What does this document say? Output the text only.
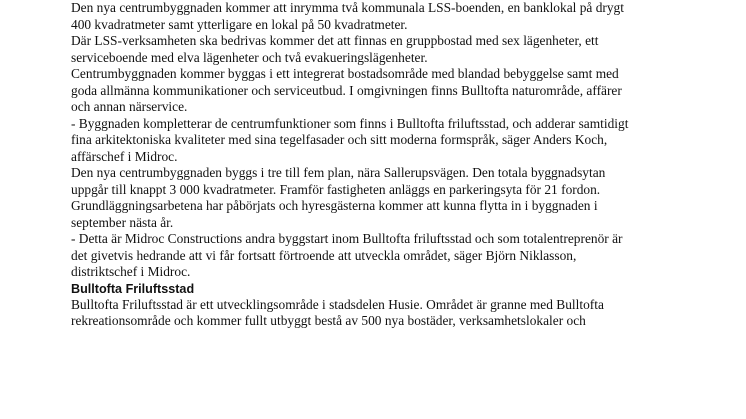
Den nya centrumbyggnaden kommer att inrymma två kommunala LSS-boenden, en banklokal på drygt
400 kvadratmeter samt ytterligare en lokal på 50 kvadratmeter.

Där LSS-verksamheten ska bedrivas kommer det att finnas en gruppbostad med sex lägenheter, ett
serviceboende med elva lägenheter och två evakueringslägenheter.

Centrumbyggnaden kommer byggas i ett integrerat bostadsområde med blandad bebyggelse samt med
goda allmänna kommunikationer och serviceutbud. I omgivningen finns Bulltofta naturområde, affärer
och annan närservice.

- Byggnaden kompletterar de centrumfunktioner som finns i Bulltofta friluftsstad, och adderar samtidigt
fina arkitektoniska kvaliteter med sina tegelfasader och sitt moderna formspråk, säger Anders Koch,
affärschef i Midroc.

Den nya centrumbyggnaden byggs i tre till fem plan, nära Sallerupsvägen. Den totala byggnadsytan
uppgår till knappt 3 000 kvadratmeter. Framför fastigheten anläggs en parkeringsyta för 21 fordon.
Grundläggningsarbetena har påbörjats och hyresgästerna kommer att kunna flytta in i byggnaden i
september nästa år.

- Detta är Midroc Constructions andra byggstart inom Bulltofta friluftsstad och som totalentreprenör är
det givetvis hedrande att vi får fortsatt förtroende att utveckla området, säger Björn Niklasson,
distriktschef i Midroc.

Bulltofta Friluftsstad

Bulltofta Friluftsstad är ett utvecklingsområde i stadsdelen Husie. Området är granne med Bulltofta
rekreationsområde och kommer fullt utbyggt bestå av 500 nya bostäder, verksamhetslokaler och
